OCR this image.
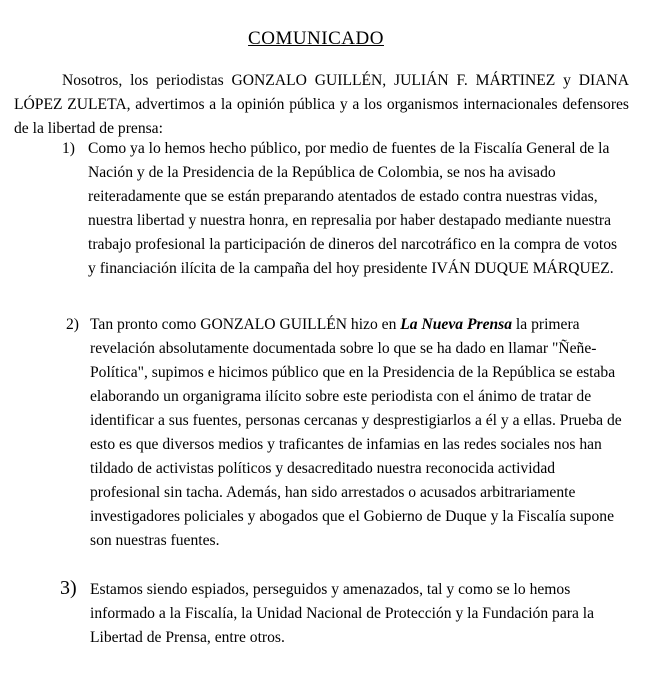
COMUNICADO
Nosotros, los periodistas GONZALO GUILLÉN, JULIÁN F. MÁRTINEZ y DIANA LÓPEZ ZULETA, advertimos a la opinión pública y a los organismos internacionales defensores de la libertad de prensa:
1) Como ya lo hemos hecho público, por medio de fuentes de la Fiscalía General de la Nación y de la Presidencia de la República de Colombia, se nos ha avisado reiteradamente que se están preparando atentados de estado contra nuestras vidas, nuestra libertad y nuestra honra, en represalia por haber destapado mediante nuestra trabajo profesional la participación de dineros del narcotráfico en la compra de votos y financiación ilícita de la campaña del hoy presidente IVÁN DUQUE MÁRQUEZ.
2) Tan pronto como GONZALO GUILLÉN hizo en La Nueva Prensa la primera revelación absolutamente documentada sobre lo que se ha dado en llamar "Ñeñe-Política", supimos e hicimos público que en la Presidencia de la República se estaba elaborando un organigrama ilícito sobre este periodista con el ánimo de tratar de identificar a sus fuentes, personas cercanas y desprestigiarlos a él y a ellas. Prueba de esto es que diversos medios y traficantes de infamias en las redes sociales nos han tildado de activistas políticos y desacreditado nuestra reconocida actividad profesional sin tacha. Además, han sido arrestados o acusados arbitrariamente investigadores policiales y abogados que el Gobierno de Duque y la Fiscalía supone son nuestras fuentes.
3) Estamos siendo espiados, perseguidos y amenazados, tal y como se lo hemos informado a la Fiscalía, la Unidad Nacional de Protección y la Fundación para la Libertad de Prensa, entre otros.
